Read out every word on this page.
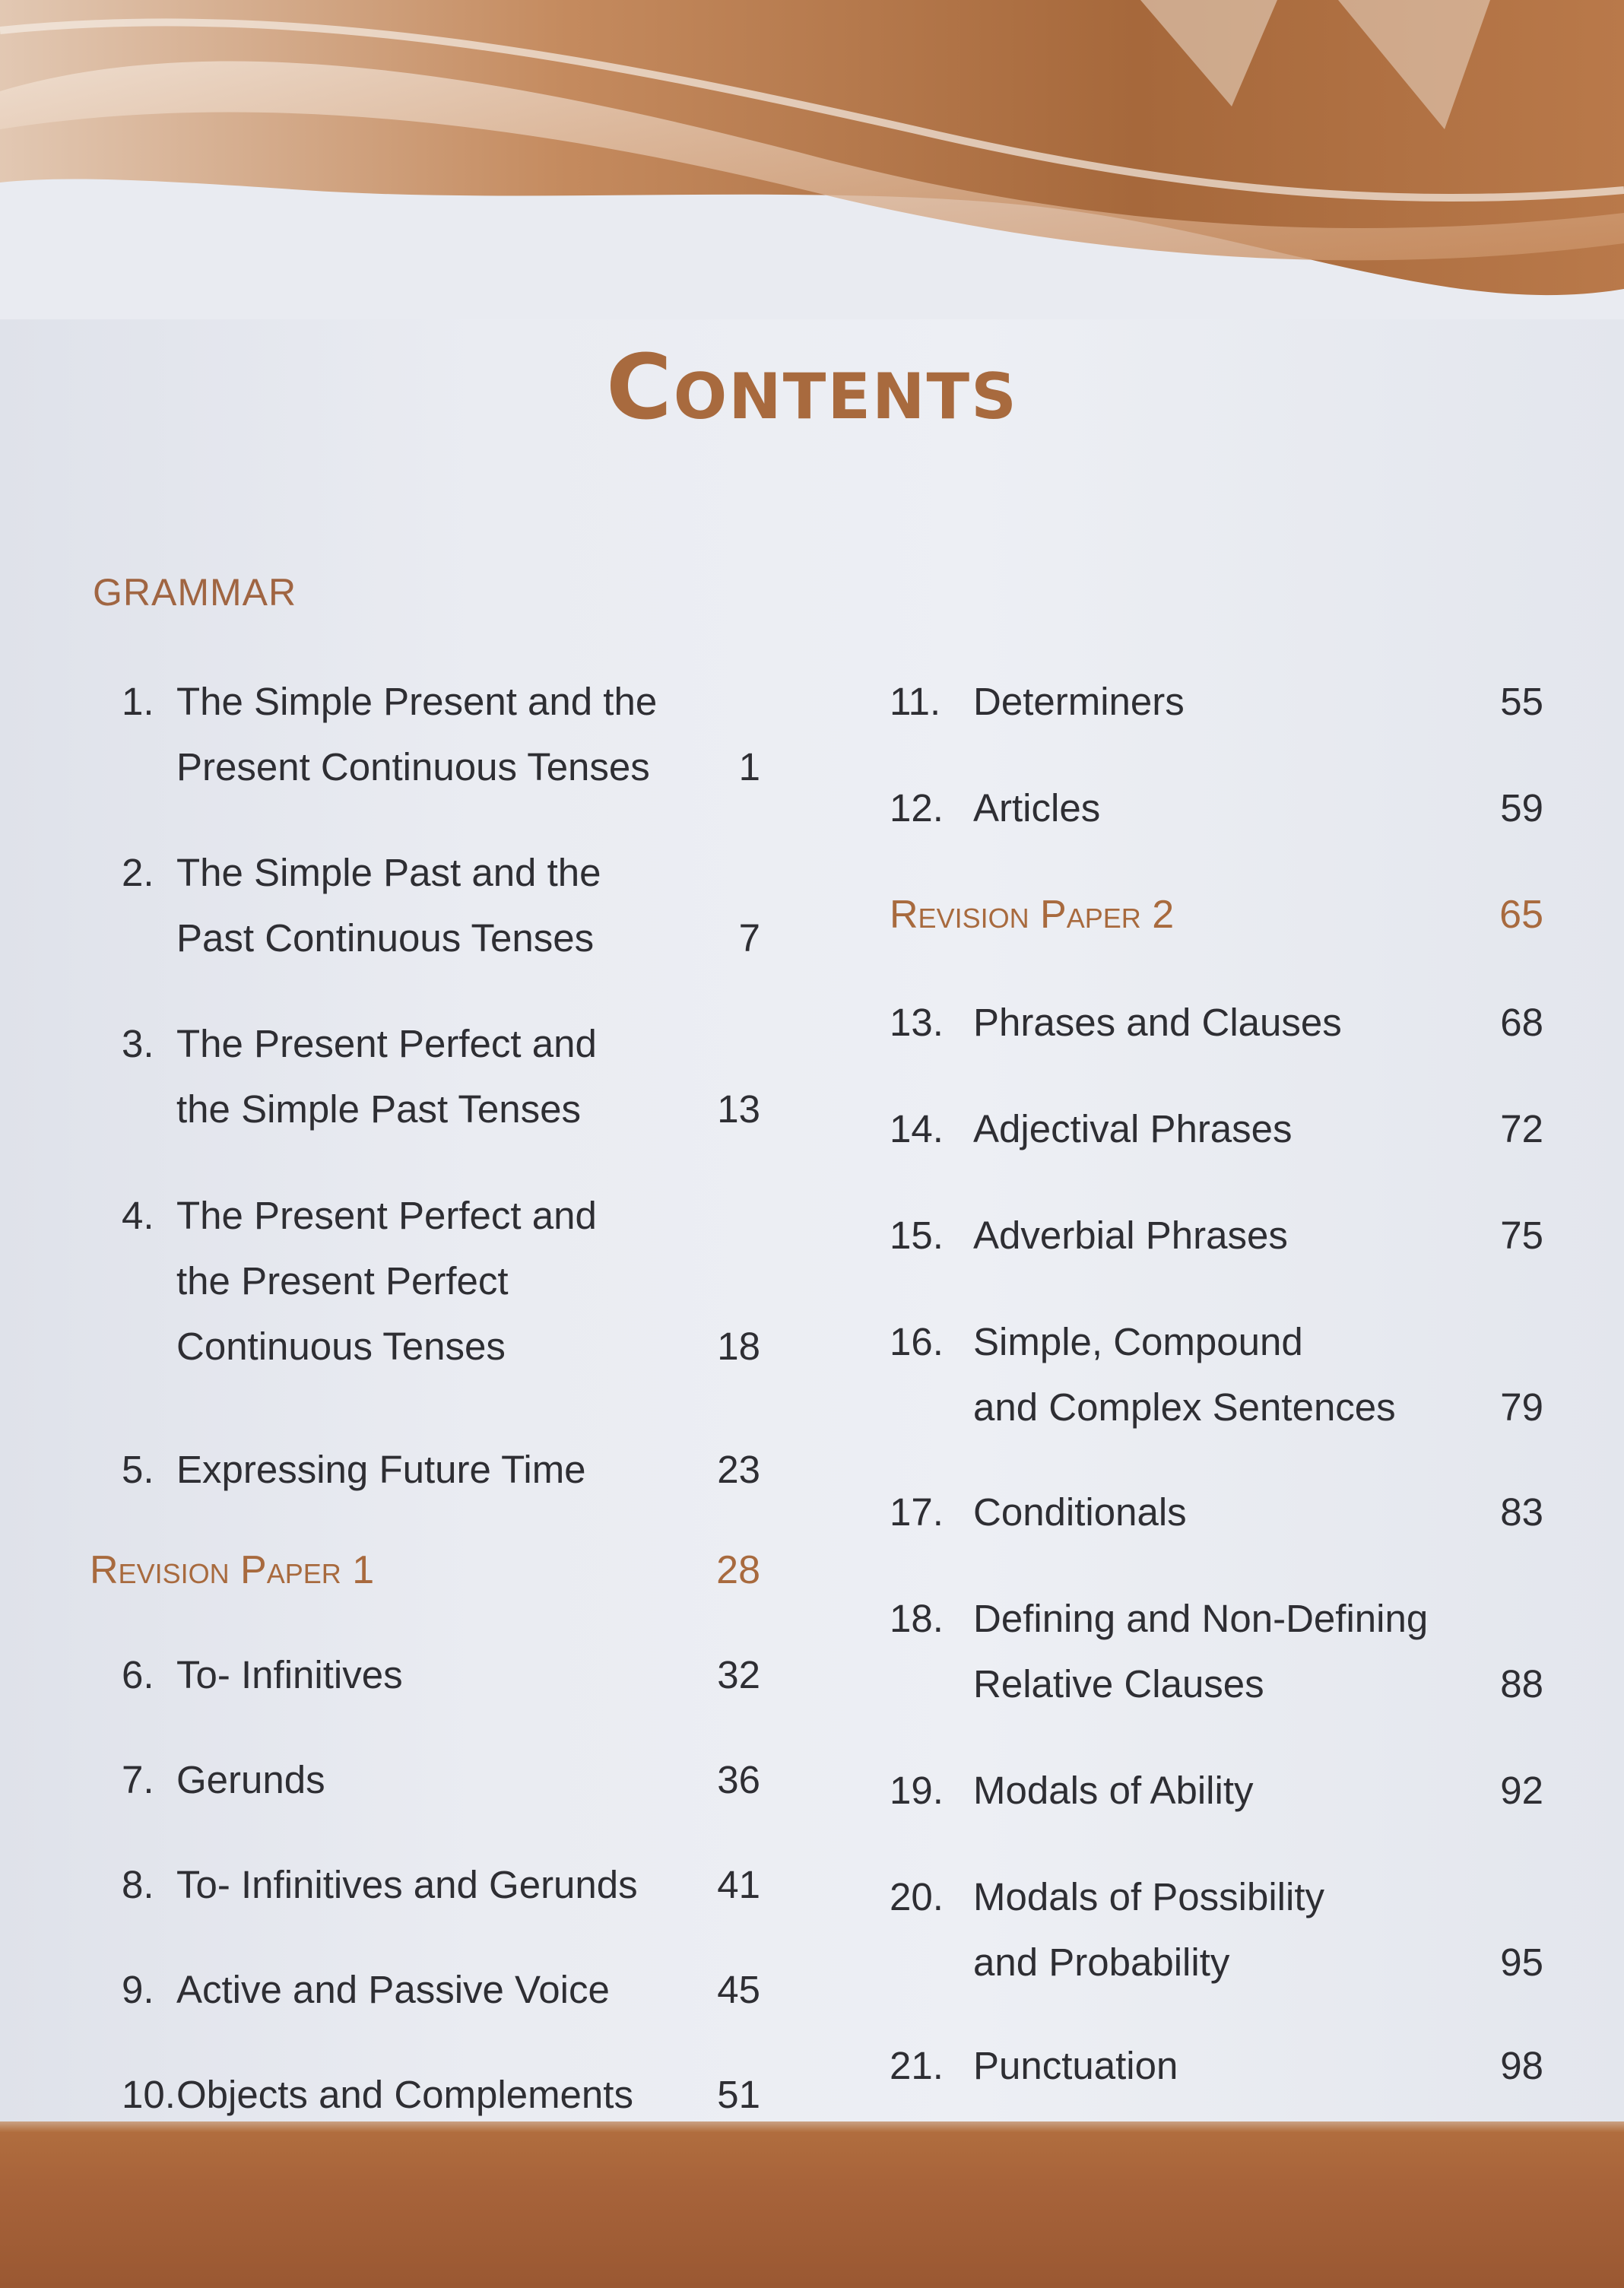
Contents
GRAMMAR
1. The Simple Present and the
Present Continuous Tenses 1
2. The Simple Past and the
Past Continuous Tenses	7
3. The Present Perfect and
the Simple Past Tenses	13
4. The Present Perfect and
the Present Perfect
Continuous Tenses	18
5. Expressing Future Time	23
Revision Paper 1	28
6. To- Infinitives	32
7. Gerunds	36
8. To- Infinitives and Gerunds 41
9. Active and Passive Voice	45
10. Objects and Complements 51
11. Determiners	55
12. Articles	59
Revision Paper 2	65
13. Phrases and Clauses	68
14. Adjectival Phrases	72
15. Adverbial Phrases	75
16. Simple, Compound
and Complex Sentences	79
17. Conditionals	83
18. Defining and Non-Defining
Relative Clauses	88
19. Modals of Ability	92
20. Modals of Possibility
and Probability	95
21. Punctuation	98
